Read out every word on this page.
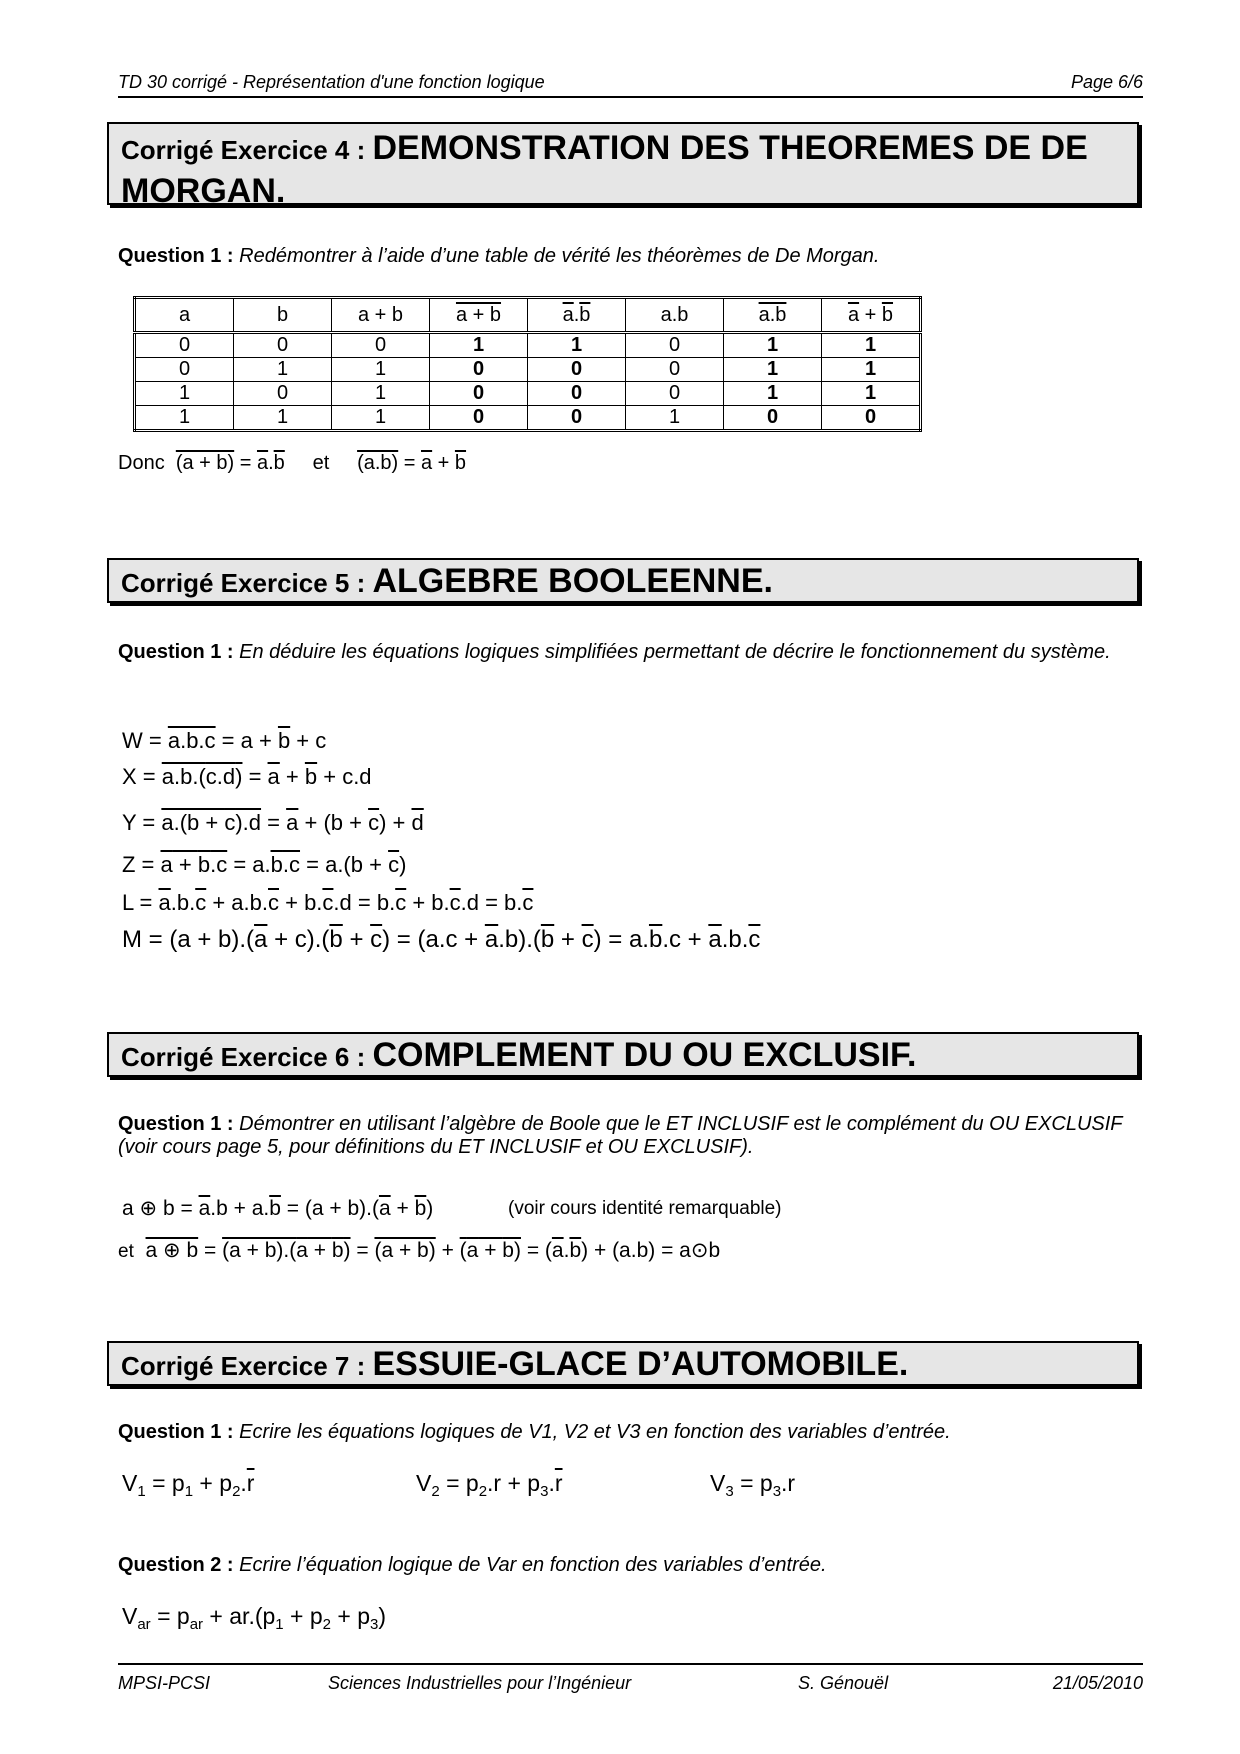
TD 30 corrigé - Représentation d'une fonction logique	Page 6/6
Corrigé Exercice 4 : DEMONSTRATION DES THEOREMES DE DE MORGAN.
Question 1 : Redémontrer à l’aide d’une table de vérité les théorèmes de De Morgan.
a	b	a + b	a + b	$\overline{a}.\overline{b}$	a.b	a.b	$\overline{a} + \overline{b}$
0	0	0	1	1	0	1	1
0	1	1	0	0	0	1	1
1	0	1	0	0	0	1	1
1	1	1	0	0	1	0	0
Donc $(a + b) = \overline{a}.\overline{b}$ et $(a.b) = \overline{a} + \overline{b}$
Corrigé Exercice 5 : ALGEBRE BOOLEENNE.
Question 1 : En déduire les équations logiques simplifiées permettant de décrire le fonctionnement du système.
$W = a.b.c = a + \overline{b} + c$
$X = a.b.(c.d) = \overline{a} + \overline{b} + c.d$
$Y = a.(b + c).d = \overline{a} + (b + \overline{c}) + \overline{d}$
$Z = a + b.c = a.b.c = a.(b + \overline{c})$
$L = \overline{a}.b.\overline{c} + a.b.\overline{c} + b.\overline{c}.d = b.\overline{c} + b.\overline{c}.d = b.\overline{c}$
$M = (a + b).(\overline{a} + c).(\overline{b} + \overline{c}) = (a.c + \overline{a}.b).(\overline{b} + \overline{c}) = a.\overline{b}.c + \overline{a}.b.\overline{c}$
Corrigé Exercice 6 : COMPLEMENT DU OU EXCLUSIF.
Question 1 : Démontrer en utilisant l’algèbre de Boole que le ET INCLUSIF est le complément du OU EXCLUSIF (voir cours page 5, pour définitions du ET INCLUSIF et OU EXCLUSIF).
a ⊕ $b = \overline{a}.b + a.\overline{b} = (a + b).(\overline{a} + \overline{b})$	(voir cours identité remarquable)
et a ⊕ $b = (a + b).(a + b) = (a + b) + (a + b) = (\overline{a}.\overline{b}) + (a.b)$ = a⊙b
Corrigé Exercice 7 : ESSUIE-GLACE D’AUTOMOBILE.
Question 1 : Ecrire les équations logiques de V1, V2 et V3 en fonction des variables d’entrée.
$V_1 = p_1 + p_2.\overline{r}$	$V_2 = p_2.r + p_3.\overline{r}$	$V_3 = p_3.r$
Question 2 : Ecrire l’équation logique de Var en fonction des variables d’entrée.
$V_{ar} = p_{ar} + ar.(p_1 + p_2 + p_3)$
MPSI-PCSI	Sciences Industrielles pour l’Ingénieur	S. Génouël	21/05/2010
